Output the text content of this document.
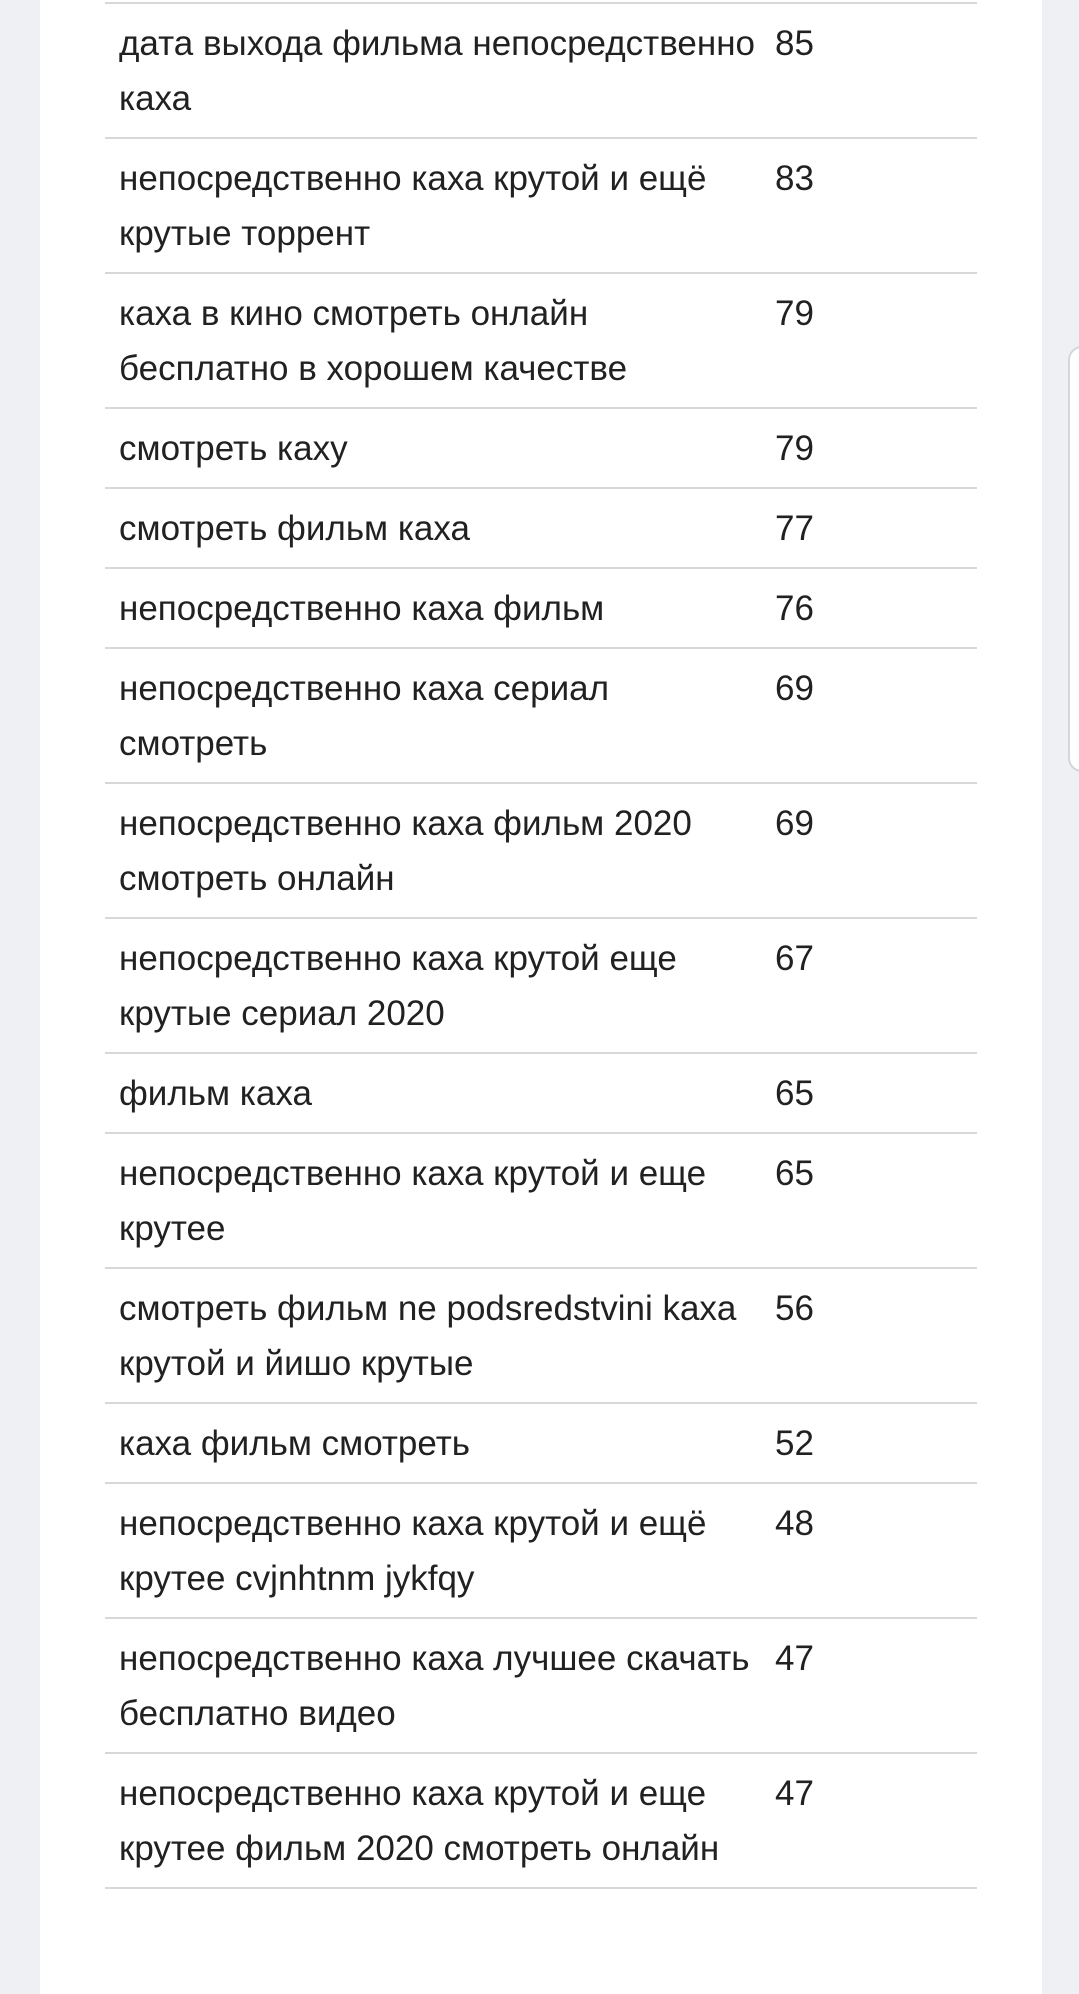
дата выхода фильма непосредственно каха	85
непосредственно каха крутой и ещё крутые торрент	83
каха в кино смотреть онлайн бесплатно в хорошем качестве	79
смотреть каху	79
смотреть фильм каха	77
непосредственно каха фильм	76
непосредственно каха сериал смотреть	69
непосредственно каха фильм 2020 смотреть онлайн	69
непосредственно каха крутой еще крутые сериал 2020	67
фильм каха	65
непосредственно каха крутой и еще крутее	65
смотреть фильм ne podsredstvini kaxa крутой и йишо крутые	56
каха фильм смотреть	52
непосредственно каха крутой и ещё крутее cvjnhtnm jykfqy	48
непосредственно каха лучшее скачать бесплатно видео	47
непосредственно каха крутой и еще крутее фильм 2020 смотреть онлайн	47
